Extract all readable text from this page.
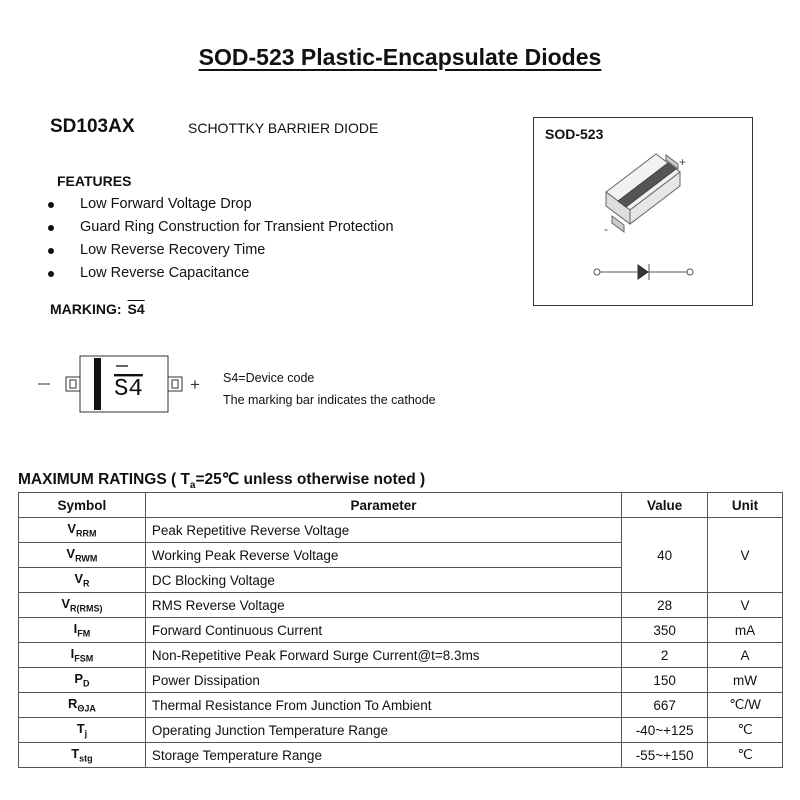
SOD-523 Plastic-Encapsulate Diodes
SD103AX	SCHOTTKY BARRIER DIODE
FEATURES
Low Forward Voltage Drop
Guard Ring Construction for Transient Protection
Low Reverse Recovery Time
Low Reverse Capacitance
MARKING: S4
SOD-523
+
-
S4	+ S4=Device code
The marking bar indicates the cathode
MAXIMUM RATINGS ( $T_a=25℃$ unless otherwise noted )
Symbol	Parameter	Value	Unit
$V_{RRM}$	Peak Repetitive Reverse Voltage	40	V
$V_{RWM}$	Working Peak Reverse Voltage		
$V_R$	DC Blocking Voltage		
$V_{R(RMS)}$	RMS Reverse Voltage	28	V
$I_{FM}$	Forward Continuous Current	350	mA
$I_{FSM}$	Non-Repetitive Peak Forward Surge Current@t=8.3ms	2	A
$P_D$	Power Dissipation	150	mW
$R_{\Theta JA}$	Thermal Resistance From Junction To Ambient	667	℃/W
$T_j$	Operating Junction Temperature Range	-40~+125	℃
$T_{stg}$	Storage Temperature Range	-55~+150	℃
